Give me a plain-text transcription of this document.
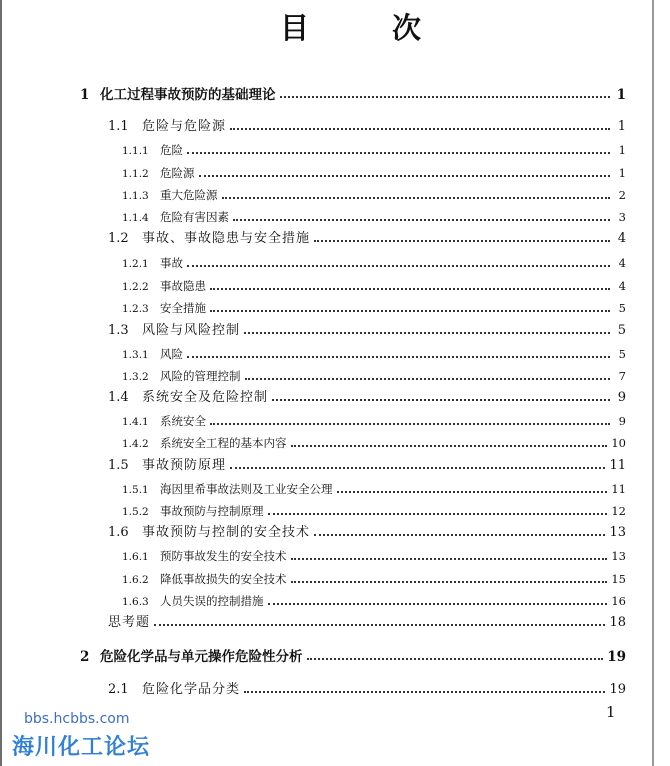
目	次
1 化工过程事故预防的基础理论	1
1.1	危险与危险源	1
1.1.1 危险	1
1.1.2 危险源	1
1.1.3 重大危险源	2
1.1.4 危险有害因素	3
1.2	事故、事故隐患与安全措施	4
1.2.1 事故	4
1.2.2 事故隐患	4
1.2.3 安全措施	5
1.3	风险与风险控制	5
1.3.1 风险	5
1.3.2 风险的管理控制	7
1.4	系统安全及危险控制	9
1.4.1 系统安全	9
1.4.2 系统安全工程的基本内容	10
1.5	事故预防原理	11
1.5.1 海因里希事故法则及工业安全公理	11
1.5.2 事故预防与控制原理	12
1.6	事故预防与控制的安全技术	13
1.6.1 预防事故发生的安全技术	13
1.6.2 降低事故损失的安全技术	15
1.6.3 人员失误的控制措施	16
思考题	18
2 危险化学品与单元操作危险性分析	19
2.1	危险化学品分类	19
1
bbs.hcbbs.com
海川化工论坛
